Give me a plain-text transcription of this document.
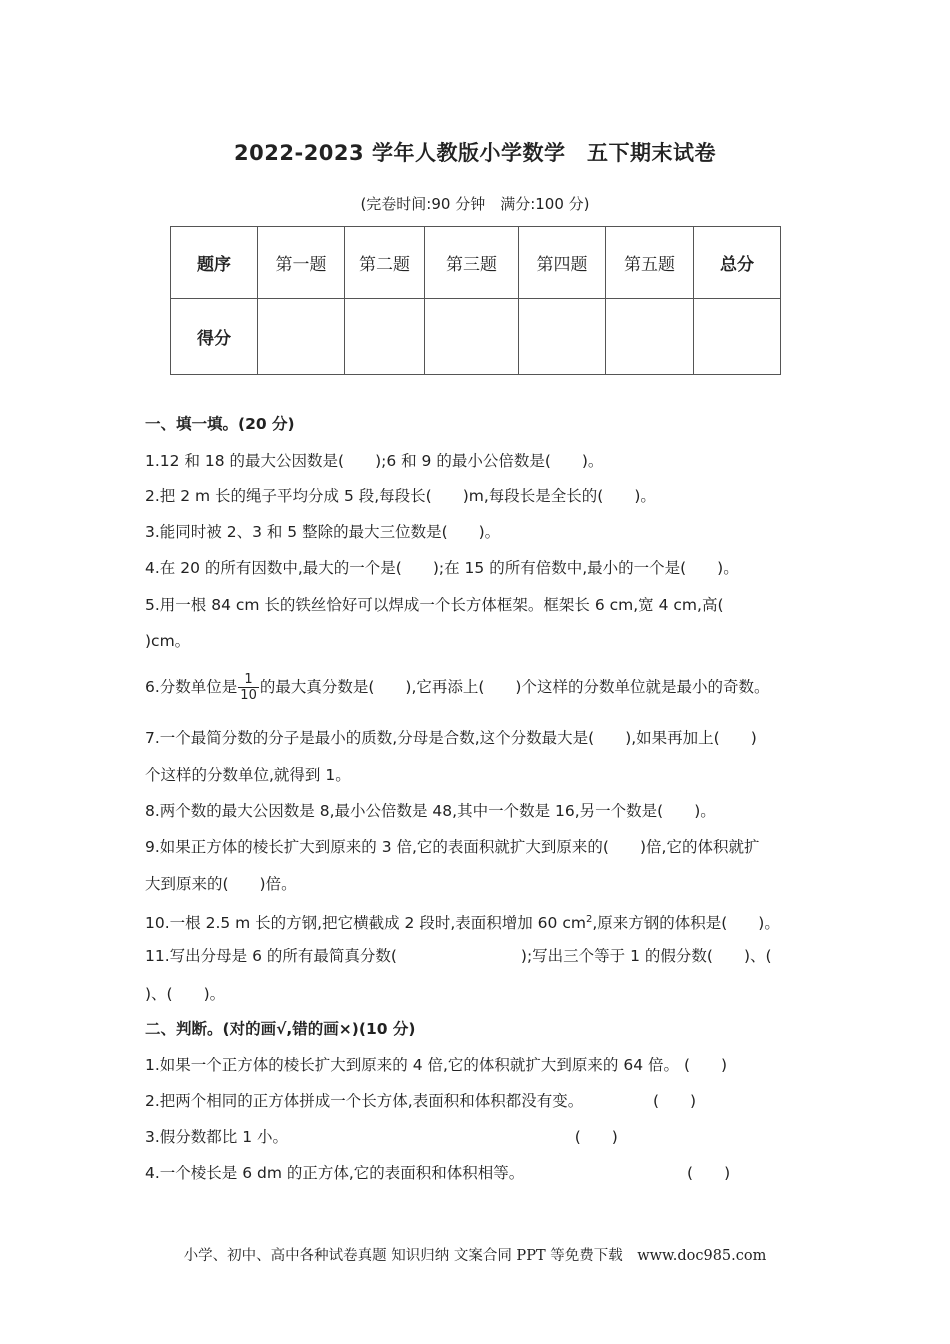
2022-2023 学年人教版小学数学　五下期末试卷
(完卷时间:90 分钟　满分:100 分)
题序	第一题	第二题	第三题	第四题	第五题	总分
得分						
一、填一填。(20 分)
1.12 和 18 的最大公因数是(　　);6 和 9 的最小公倍数是(　　)。
2.把 2 m 长的绳子平均分成 5 段,每段长(　　)m,每段长是全长的(　　)。
3.能同时被 2、3 和 5 整除的最大三位数是(　　)。
4.在 20 的所有因数中,最大的一个是(　　);在 15 的所有倍数中,最小的一个是(　　)。
5.用一根 84 cm 长的铁丝恰好可以焊成一个长方体框架。框架长 6 cm,宽 4 cm,高(
)cm。
6.分数单位是 $\frac{1}{10}$ 的最大真分数是(　　),它再添上(　　)个这样的分数单位就是最小的奇数。
7.一个最简分数的分子是最小的质数,分母是合数,这个分数最大是(　　),如果再加上(　　)
个这样的分数单位,就得到 1。
8.两个数的最大公因数是 8,最小公倍数是 48,其中一个数是 16,另一个数是(　　)。
9.如果正方体的棱长扩大到原来的 3 倍,它的表面积就扩大到原来的(　　)倍,它的体积就扩
大到原来的(　　)倍。
10.一根 2.5 m 长的方钢,把它横截成 2 段时,表面积增加 60 $cm^2$,原来方钢的体积是(　　)。
11.写出分母是 6 的所有最简真分数(　　　　　　　　);写出三个等于 1 的假分数(　　)、(
)、(　　)。
二、判断。(对的画√,错的画×)(10 分)
1.如果一个正方体的棱长扩大到原来的 4 倍,它的体积就扩大到原来的 64 倍。 (　　)
2.把两个相同的正方体拼成一个长方体,表面积和体积都没有变。　　　　　(　　)
3.假分数都比 1 小。　　　　　　　　　　　　　　　　　　　(　　)
4.一个棱长是 6 dm 的正方体,它的表面积和体积相等。　　　　　　　　　　　(　　)
小学、初中、高中各种试卷真题 知识归纳 文案合同 PPT 等免费下载　www.doc985.com
